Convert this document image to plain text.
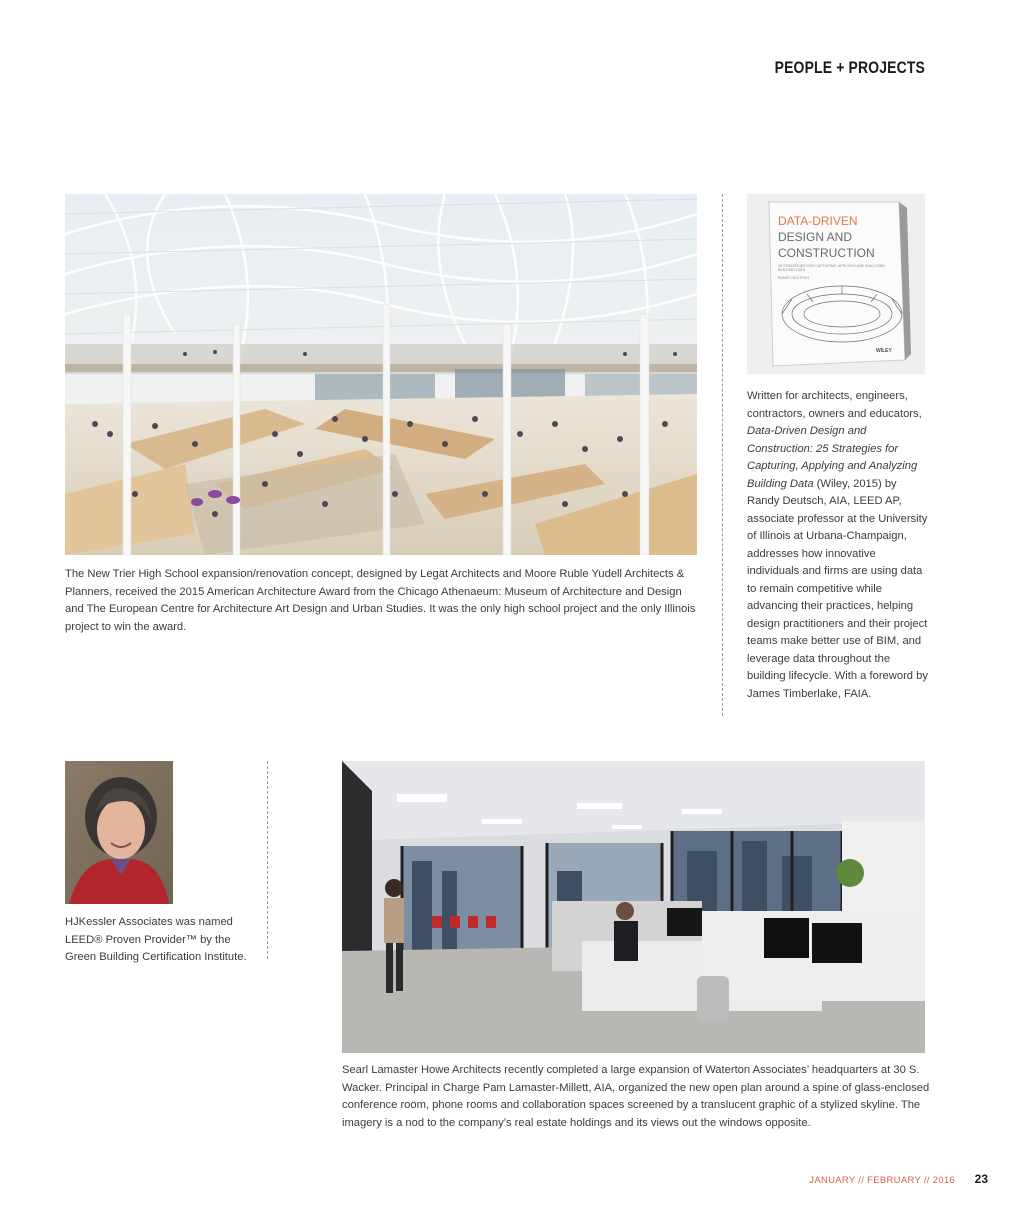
PEOPLE + PROJECTS
The New Trier High School expansion/renovation concept, designed by Legat Architects and Moore Ruble Yudell Architects & Planners, received the 2015 American Architecture Award from the Chicago Athenaeum: Museum of Architecture and Design and The European Centre for Architecture Art Design and Urban Studies. It was the only high school project and the only Illinois project to win the award.
DATA-DRIVEN
DESIGN AND
CONSTRUCTION
25 STRATEGIES FOR CAPTURING, APPLYING AND ANALYZING BUILDING DATA
RANDY DEUTSCH
WILEY
Written for architects, engineers, contractors, owners and educators, Data-Driven Design and Construction: 25 Strategies for Capturing, Applying and Analyzing Building Data (Wiley, 2015) by Randy Deutsch, AIA, LEED AP, associate professor at the University of Illinois at Urbana-Champaign, addresses how innovative individuals and firms are using data to remain competitive while advancing their practices, helping design practitioners and their project teams make better use of BIM, and leverage data throughout the building lifecycle. With a foreword by James Timberlake, FAIA.
HJKessler Associates was named LEED® Proven Provider™ by the Green Building Certification Institute.
Searl Lamaster Howe Architects recently completed a large expansion of Waterton Associates’ headquarters at 30 S. Wacker. Principal in Charge Pam Lamaster-Millett, AIA, organized the new open plan around a spine of glass-enclosed conference room, phone rooms and collaboration spaces screened by a translucent graphic of a stylized skyline. The imagery is a nod to the company’s real estate holdings and its views out the windows opposite.
JANUARY // FEBRUARY // 2016	23
